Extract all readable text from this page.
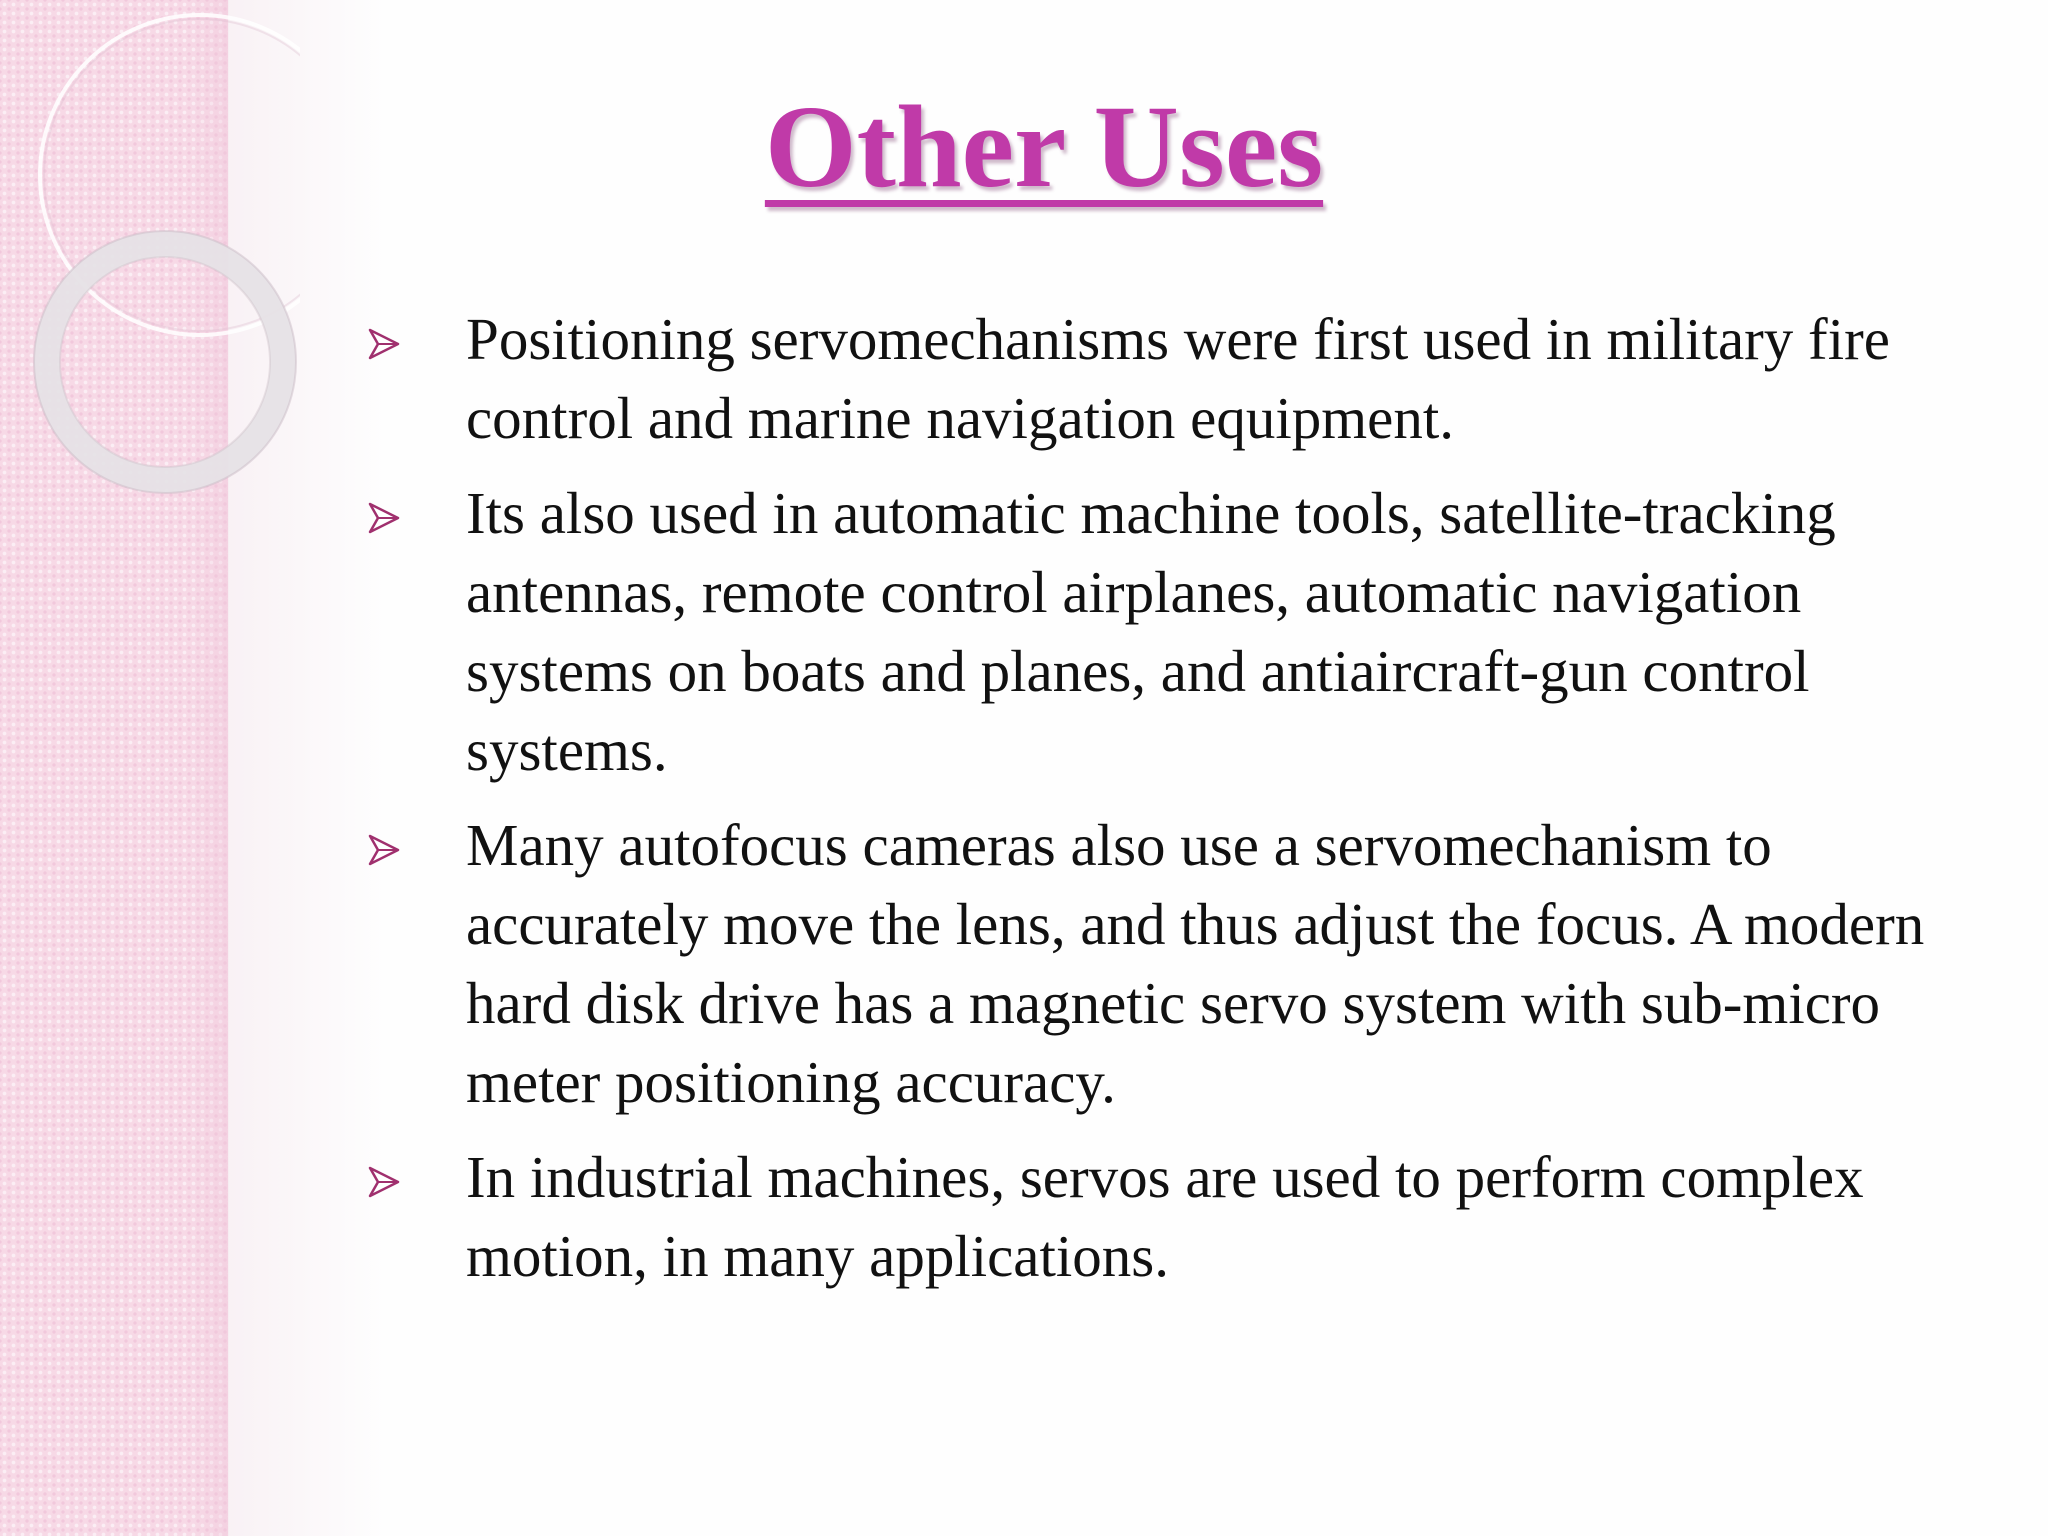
Other Uses
Positioning servomechanisms were first used in military fire control and marine navigation equipment.
Its also used in automatic machine tools, satellite-tracking antennas, remote control airplanes, automatic navigation systems on boats and planes, and antiaircraft-gun control systems.
Many autofocus cameras also use a servomechanism to accurately move the lens, and thus adjust the focus. A modern hard disk drive has a magnetic servo system with sub-micro meter positioning accuracy.
In industrial machines, servos are used to perform complex motion, in many applications.
